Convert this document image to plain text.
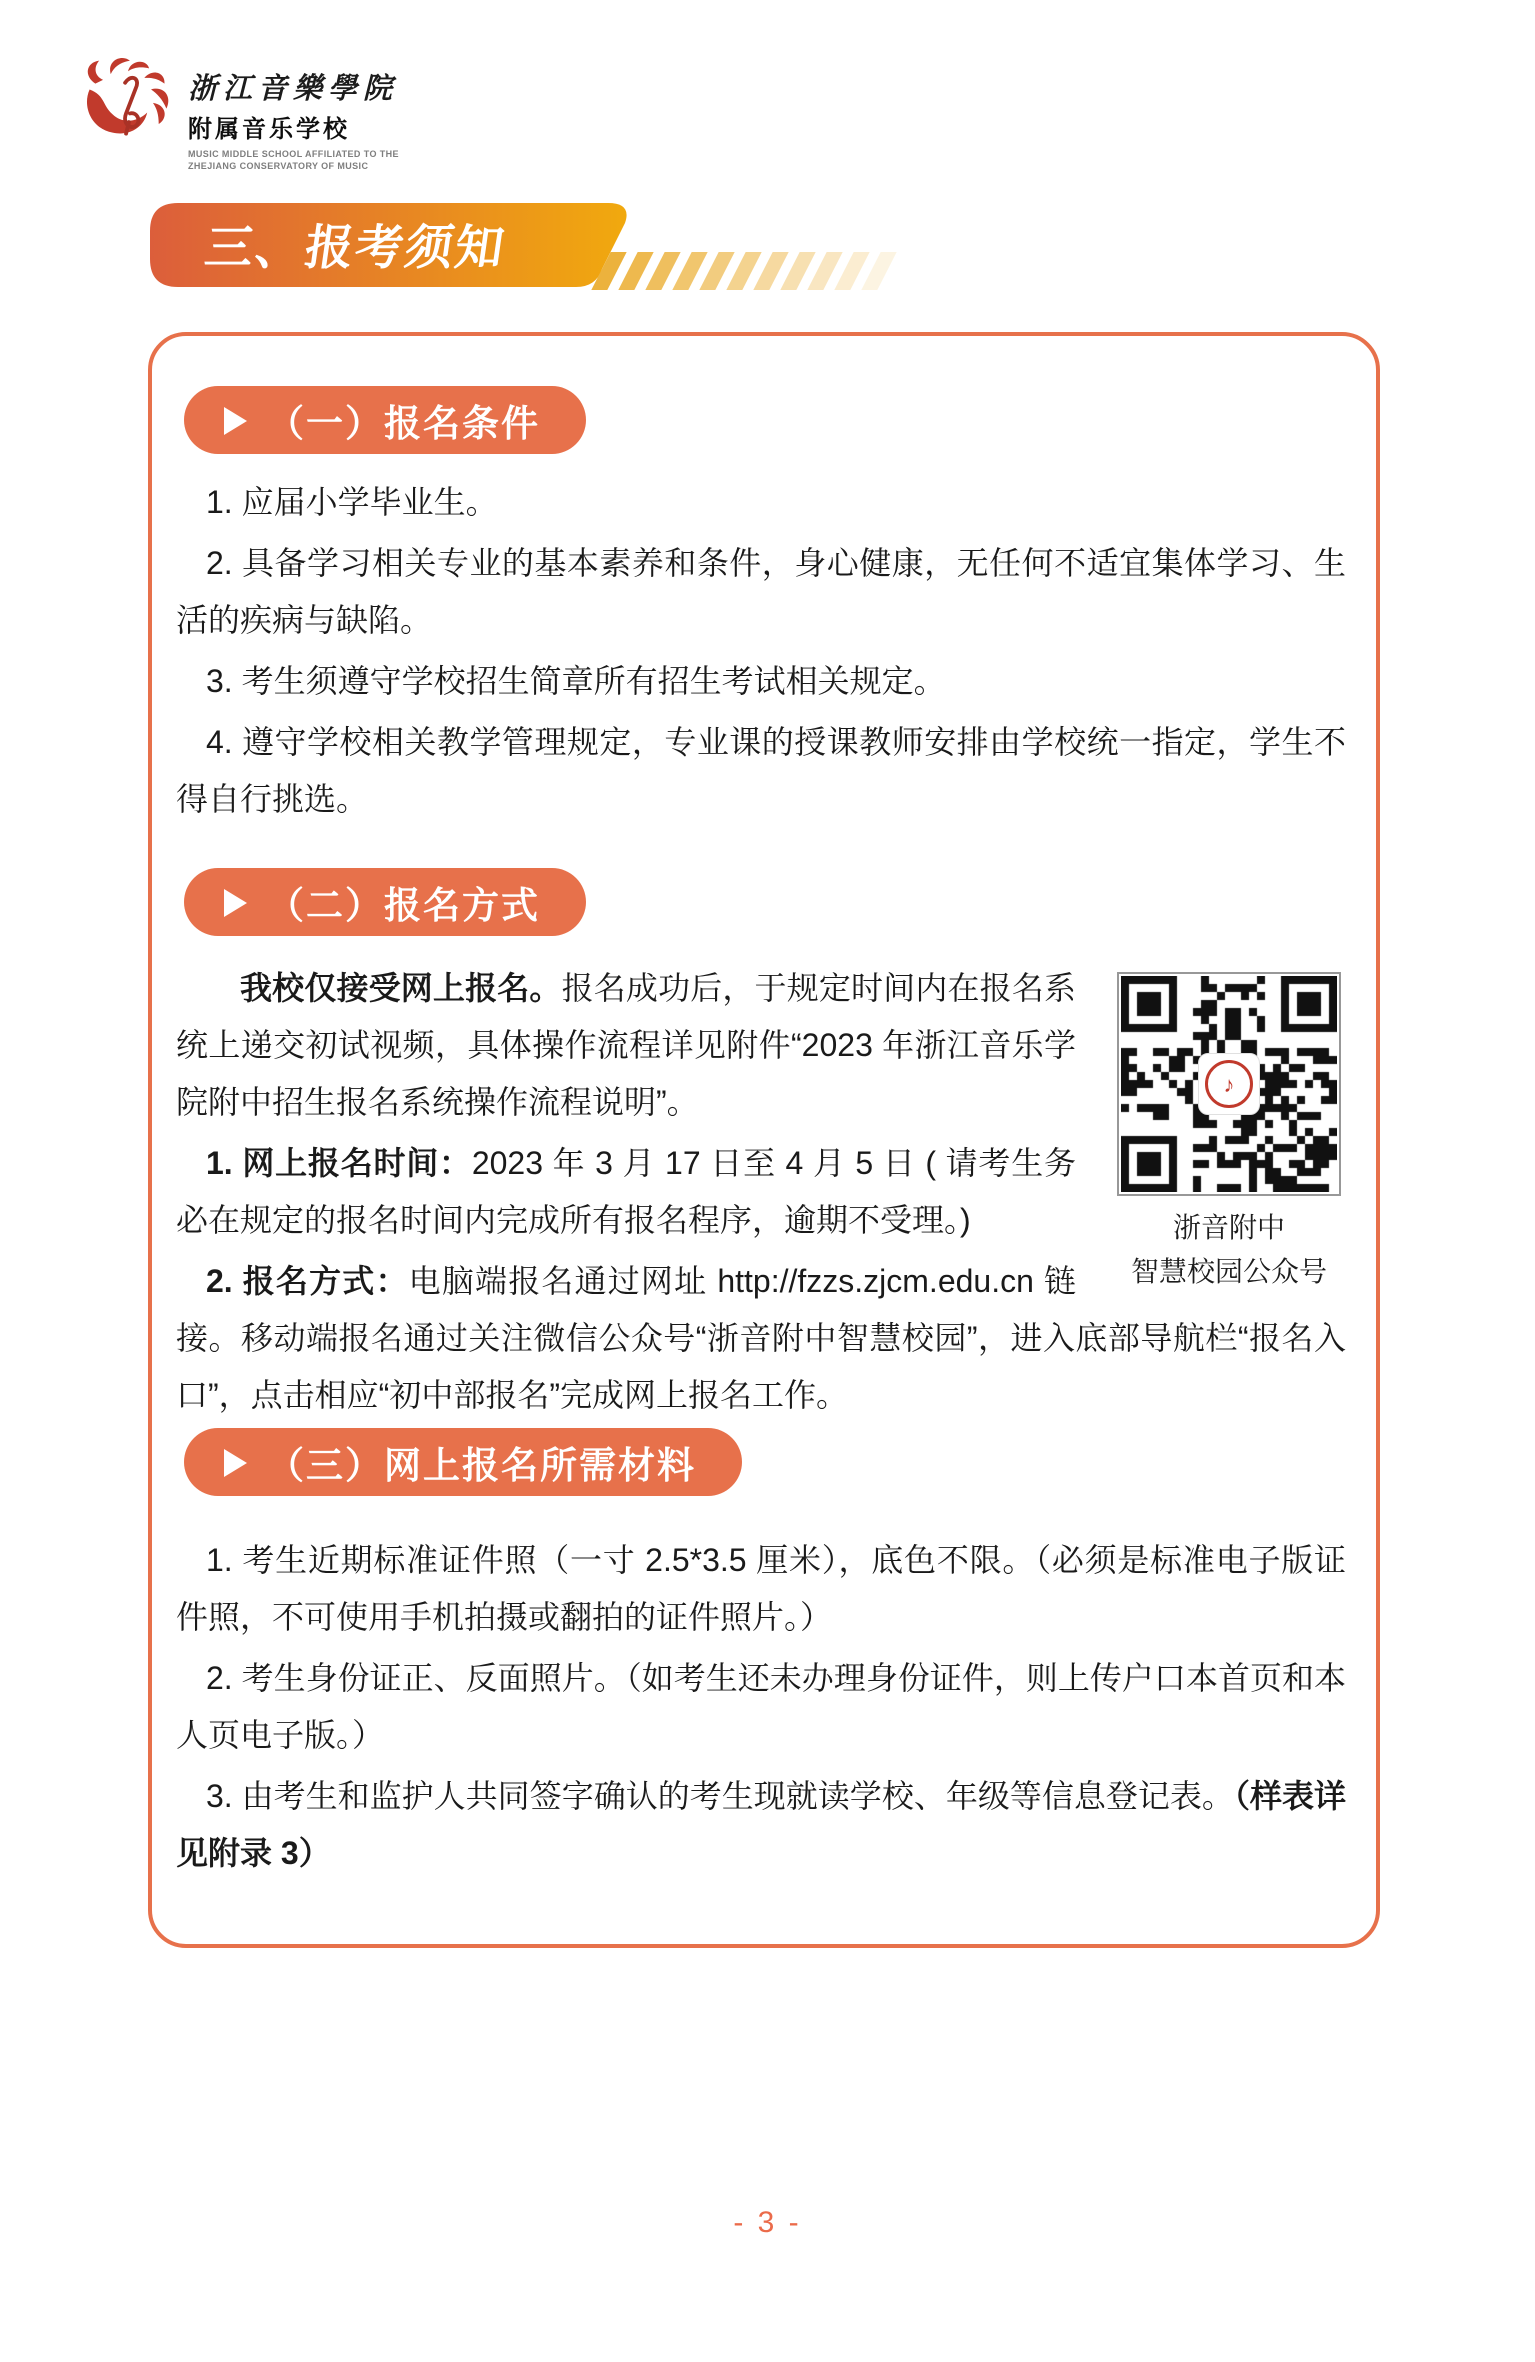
浙江音樂學院
附属音乐学校
MUSIC MIDDLE SCHOOL AFFILIATED TO THE
ZHEJIANG CONSERVATORY OF MUSIC
三、报考须知
（一）报名条件

1. 应届小学毕业生。

2. 具备学习相关专业的基本素养和条件，身心健康，无任何不适宜集体学习、生活的疾病与缺陷。

3. 考生须遵守学校招生简章所有招生考试相关规定。

4. 遵守学校相关教学管理规定，专业课的授课教师安排由学校统一指定，学生不得自行挑选。

（二）报名方式
♪
浙音附中
智慧校园公众号

我校仅接受网上报名。报名成功后，于规定时间内在报名系统上递交初试视频，具体操作流程详见附件“2023 年浙江音乐学院附中招生报名系统操作流程说明”。

1. 网上报名时间：2023 年 3 月 17 日至 4 月 5 日 ( 请考生务必在规定的报名时间内完成所有报名程序，逾期不受理。)

2. 报名方式：电脑端报名通过网址 http://fzzs.zjcm.edu.cn 链接。移动端报名通过关注微信公众号“浙音附中智慧校园”，进入底部导航栏“报名入口”，点击相应“初中部报名”完成网上报名工作。

（三）网上报名所需材料

1. 考生近期标准证件照（一寸 2.5*3.5 厘米），底色不限。（必须是标准电子版证件照，不可使用手机拍摄或翻拍的证件照片。）

2. 考生身份证正、反面照片。（如考生还未办理身份证件，则上传户口本首页和本人页电子版。）

3. 由考生和监护人共同签字确认的考生现就读学校、年级等信息登记表。（样表详见附录 3）

- 3 -
